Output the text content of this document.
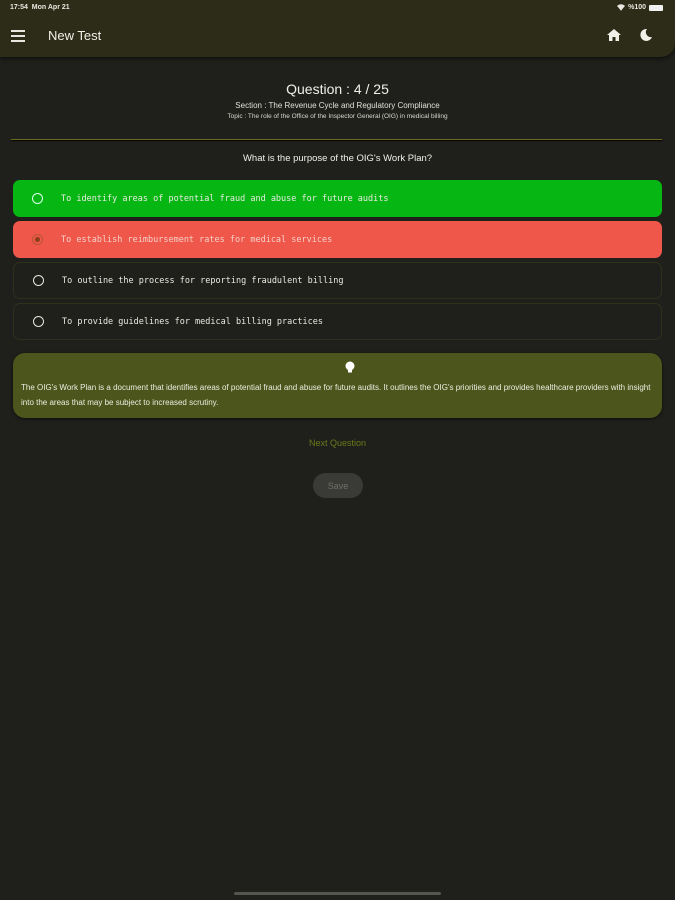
17:54 Mon Apr 21	%100
New Test
Question : 4 / 25
Section : The Revenue Cycle and Regulatory Compliance
Topic : The role of the Office of the Inspector General (OIG) in medical billing
What is the purpose of the OIG's Work Plan?
To identify areas of potential fraud and abuse for future audits
To establish reimbursement rates for medical services
To outline the process for reporting fraudulent billing
To provide guidelines for medical billing practices
The OIG's Work Plan is a document that identifies areas of potential fraud and abuse for future audits. It outlines the OIG's priorities and provides healthcare providers with insight into the areas that may be subject to increased scrutiny.
Next Question
Save
